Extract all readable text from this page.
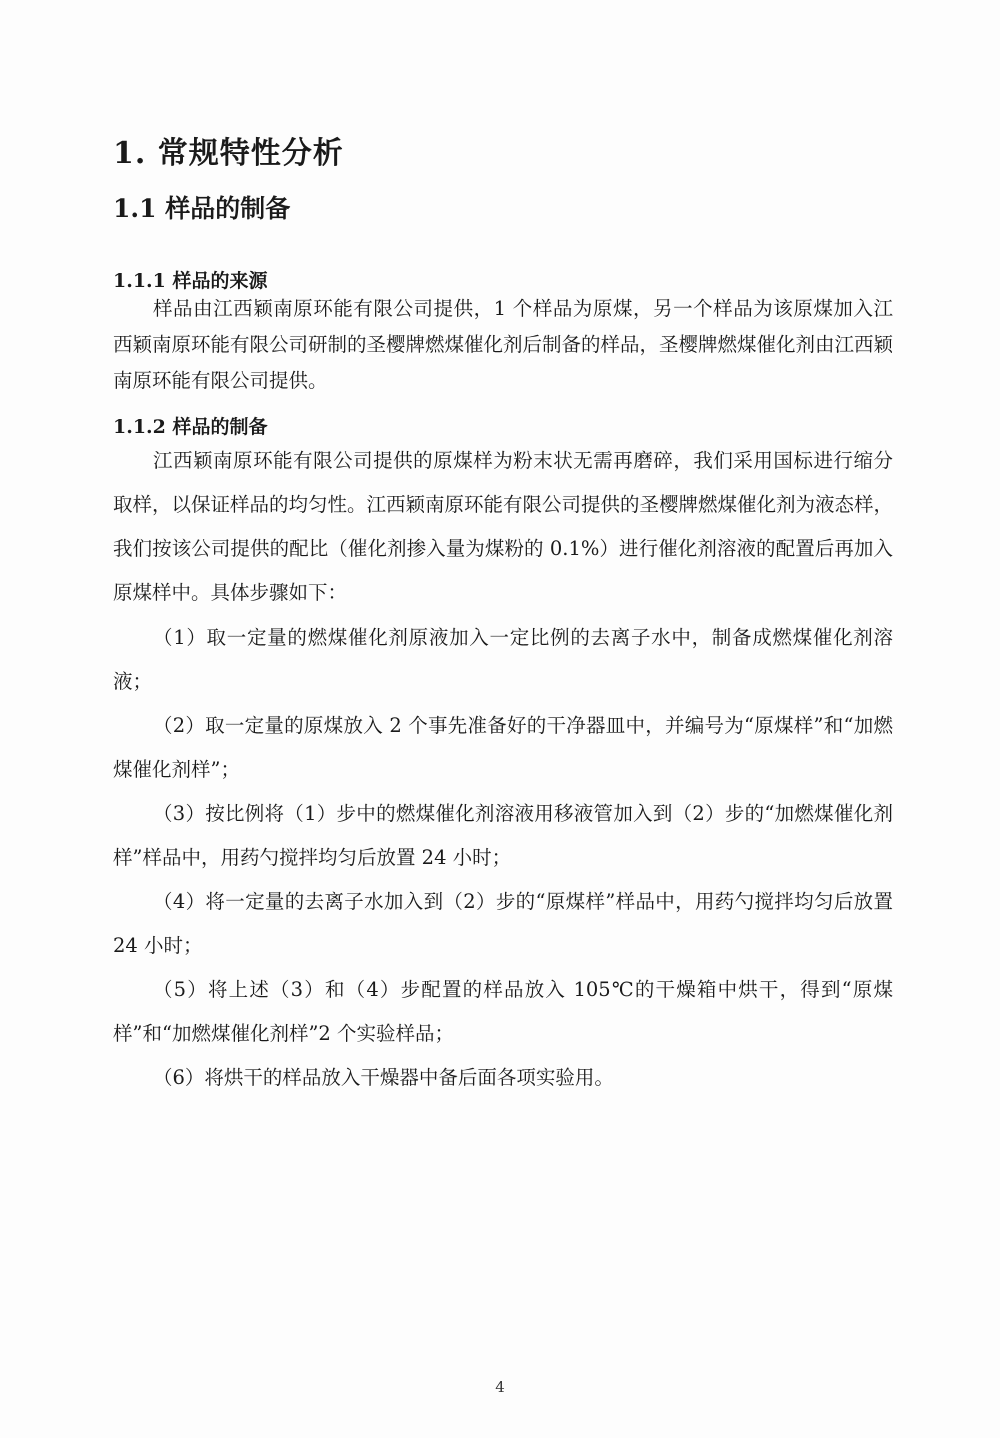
1. 常规特性分析
1.1 样品的制备
1.1.1 样品的来源

样品由江西颖南原环能有限公司提供，1 个样品为原煤，另一个样品为该原煤加入江西颖南原环能有限公司研制的圣樱牌燃煤催化剂后制备的样品，圣樱牌燃煤催化剂由江西颖南原环能有限公司提供。

1.1.2 样品的制备

江西颖南原环能有限公司提供的原煤样为粉末状无需再磨碎，我们采用国标进行缩分取样，以保证样品的均匀性。江西颖南原环能有限公司提供的圣樱牌燃煤催化剂为液态样，我们按该公司提供的配比（催化剂掺入量为煤粉的 0.1%）进行催化剂溶液的配置后再加入原煤样中。具体步骤如下：

（1）取一定量的燃煤催化剂原液加入一定比例的去离子水中，制备成燃煤催化剂溶液；
（2）取一定量的原煤放入 2 个事先准备好的干净器皿中，并编号为“原煤样”和“加燃煤催化剂样”；
（3）按比例将（1）步中的燃煤催化剂溶液用移液管加入到（2）步的“加燃煤催化剂样”样品中，用药勺搅拌均匀后放置 24 小时；
（4）将一定量的去离子水加入到（2）步的“原煤样”样品中，用药勺搅拌均匀后放置 24 小时；
（5）将上述（3）和（4）步配置的样品放入 105℃的干燥箱中烘干，得到“原煤样”和“加燃煤催化剂样”2 个实验样品；
（6）将烘干的样品放入干燥器中备后面各项实验用。
4
